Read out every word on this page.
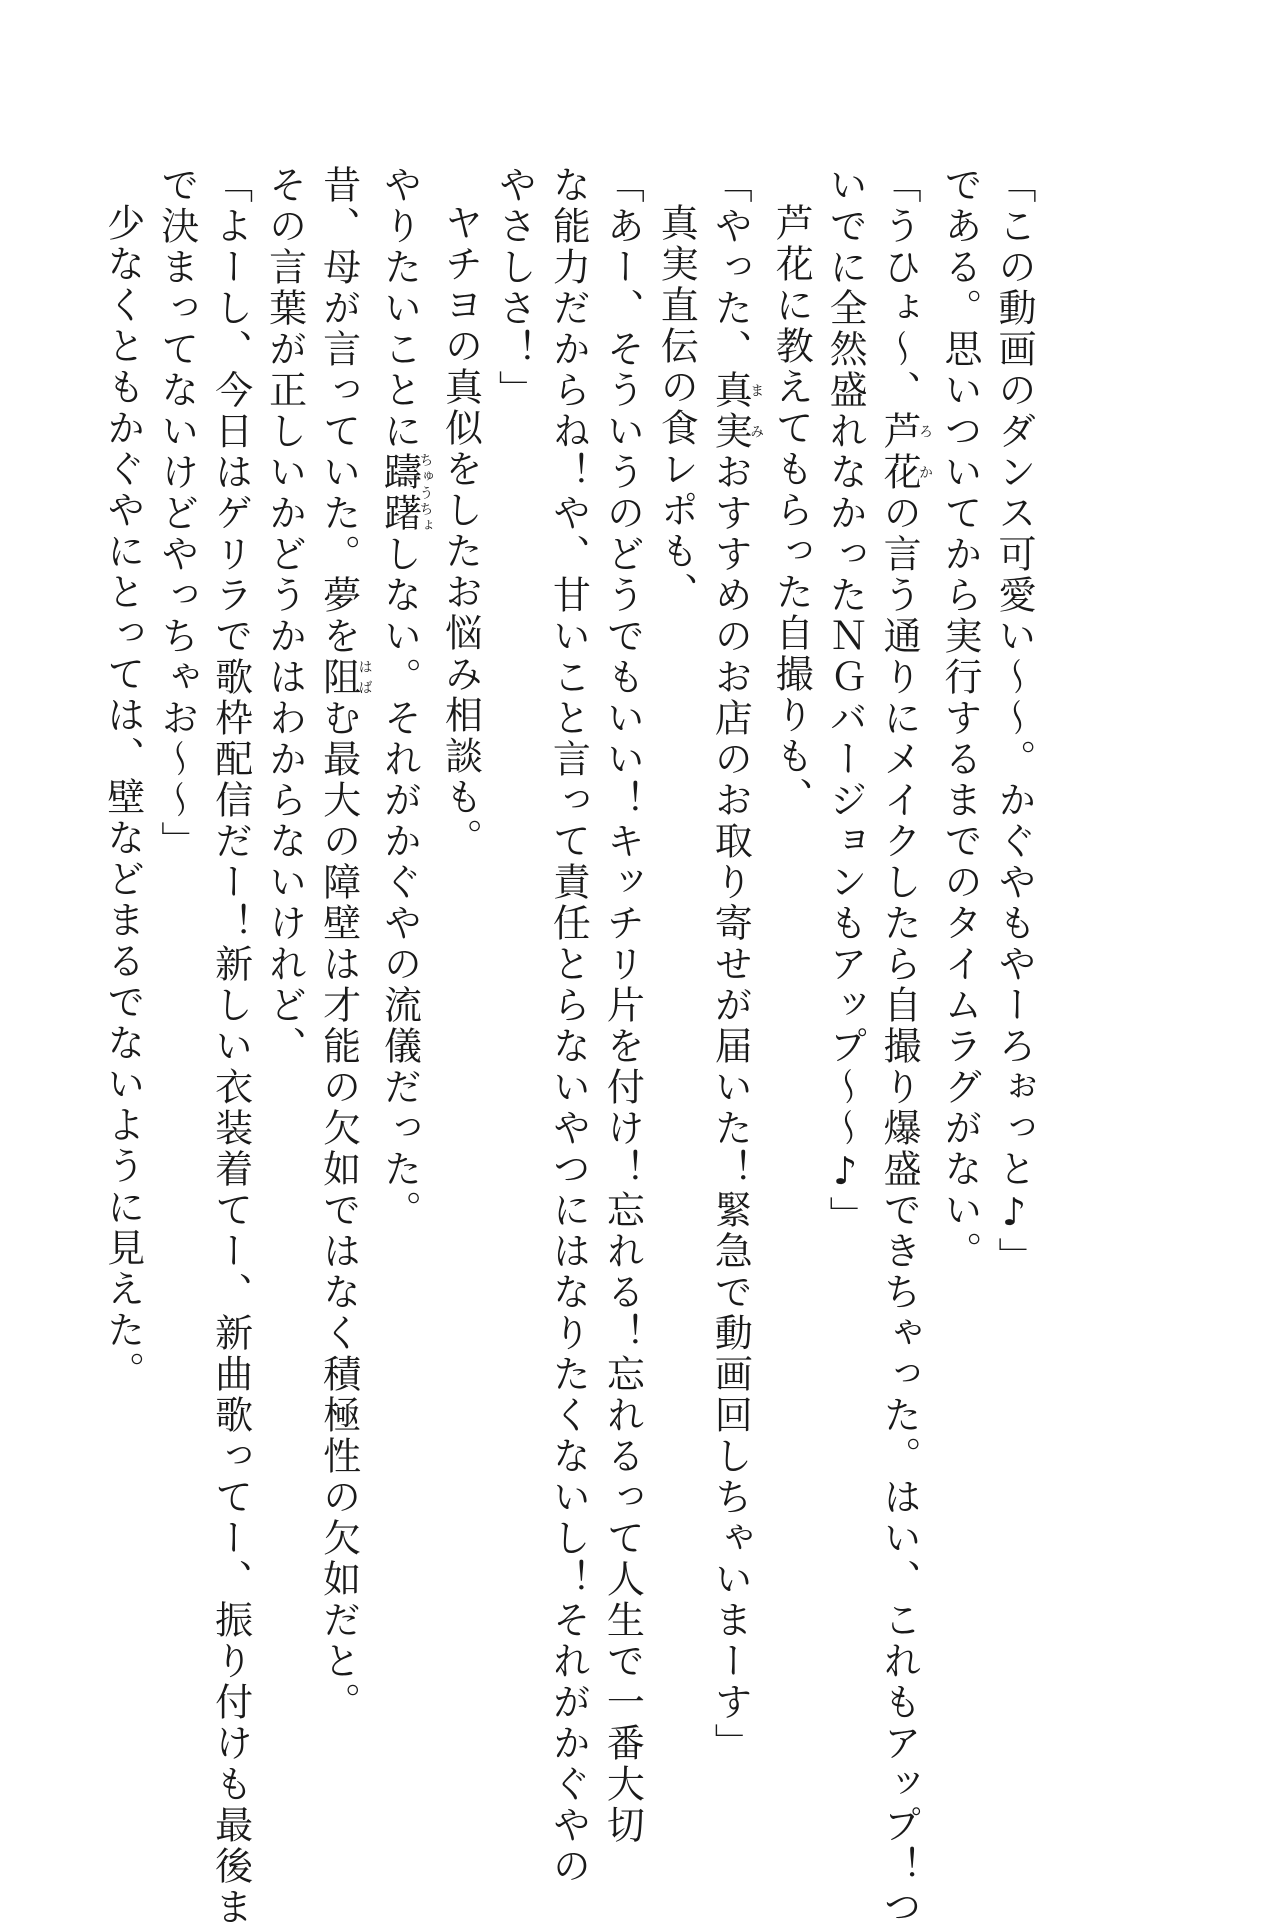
「この動画のダンス可愛い〜〜。かぐやもやーろぉっと♪」
である。思いついてから実行するまでのタイムラグがない。
「うひょ〜、芦花ろかの言う通りにメイクしたら自撮り爆盛できちゃった。はい、これもアップ！つ
いでに全然盛れなかったＮＧバージョンもアップ〜〜♪」
芦花に教えてもらった自撮りも、
「やった、真実まみおすすめのお店のお取り寄せが届いた！緊急で動画回しちゃいまーす」
真実直伝の食レポも、
「あー、そういうのどうでもいい！キッチリ片を付け！忘れる！忘れるって人生で一番大切
な能力だからね！や、甘いこと言って責任とらないやつにはなりたくないし！それがかぐやの
やさしさ！」
ヤチヨの真似をしたお悩み相談も。
やりたいことに躊躇ちゅうちょしない。それがかぐやの流儀だった。
昔、母が言っていた。夢を阻はばむ最大の障壁は才能の欠如ではなく積極性の欠如だと。
その言葉が正しいかどうかはわからないけれど、
「よーし、今日はゲリラで歌枠配信だー！新しい衣装着てー、新曲歌ってー、振り付けも最後ま
で決まってないけどやっちゃお〜〜」
少なくともかぐやにとっては、壁などまるでないように見えた。
